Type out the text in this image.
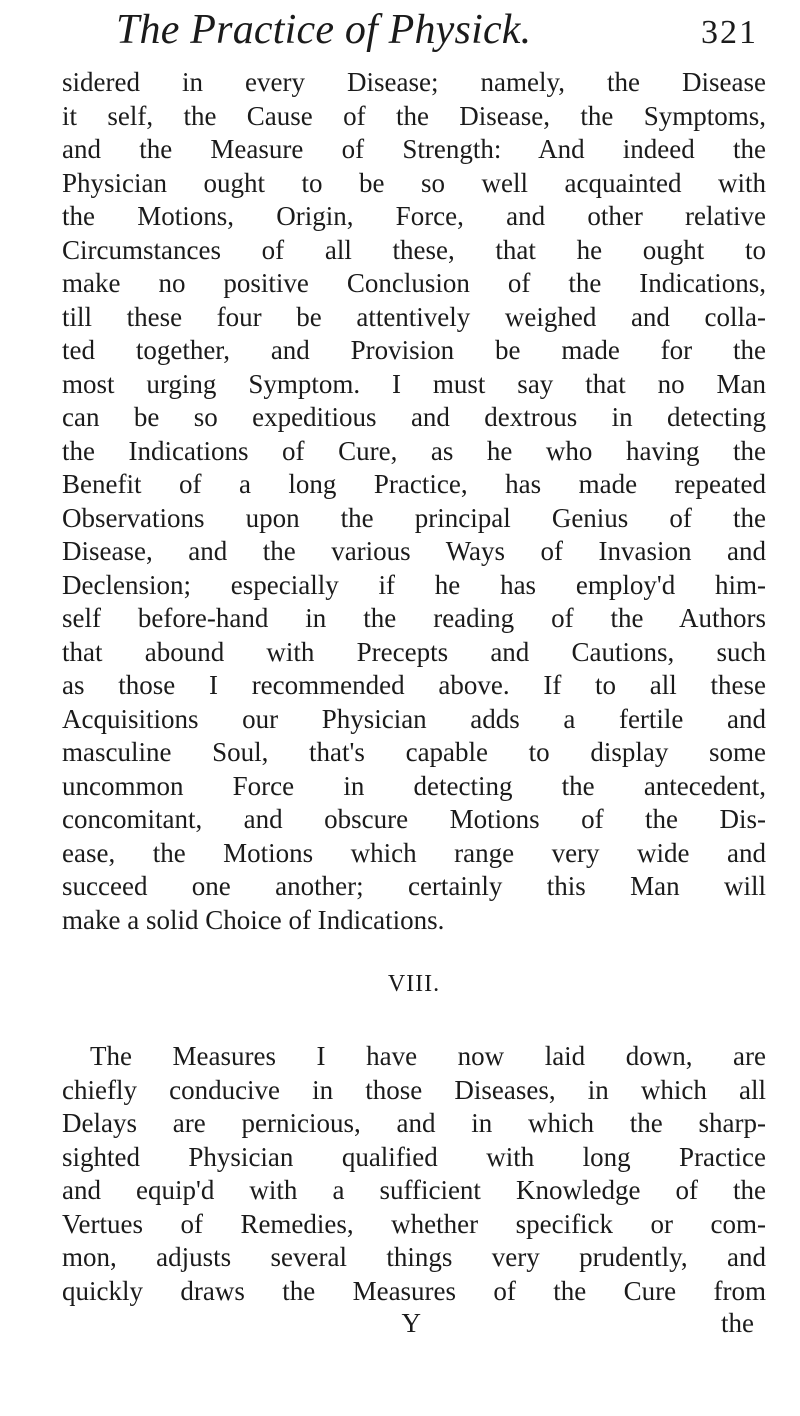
The Practice of Physick.	321

sidered in every Disease; namely, the Disease
it self, the Cause of the Disease, the Symptoms,
and the Measure of Strength: And indeed the
Physician ought to be so well acquainted with
the Motions, Origin, Force, and other relative
Circumstances of all these, that he ought to
make no positive Conclusion of the Indications,
till these four be attentively weighed and colla-
ted together, and Provision be made for the
most urging Symptom. I must say that no Man
can be so expeditious and dextrous in detecting
the Indications of Cure, as he who having the
Benefit of a long Practice, has made repeated
Observations upon the principal Genius of the
Disease, and the various Ways of Invasion and
Declension; especially if he has employ'd him-
self before-hand in the reading of the Authors
that abound with Precepts and Cautions, such
as those I recommended above. If to all these
Acquisitions our Physician adds a fertile and
masculine Soul, that's capable to display some
uncommon Force in detecting the antecedent,
concomitant, and obscure Motions of the Dis-
ease, the Motions which range very wide and
succeed one another; certainly this Man will
make a solid Choice of Indications.

VIII.

The Measures I have now laid down, are
chiefly conducive in those Diseases, in which all
Delays are pernicious, and in which the sharp-
sighted Physician qualified with long Practice
and equip'd with a sufficient Knowledge of the
Vertues of Remedies, whether specifick or com-
mon, adjusts several things very prudently, and
quickly draws the Measures of the Cure from

Y	the
